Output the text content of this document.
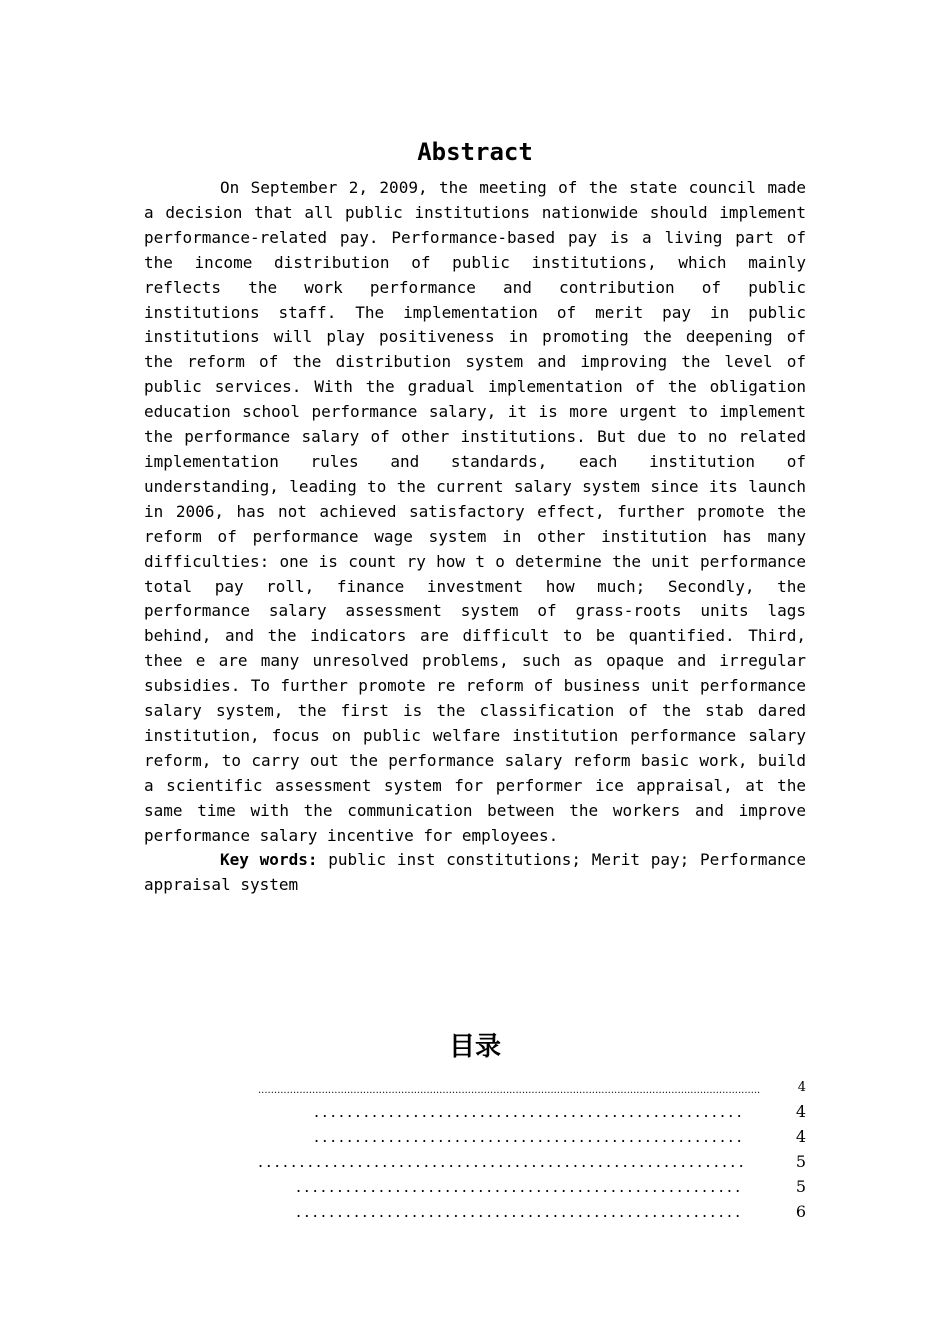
Abstract
On September 2, 2009, the meeting of the state council made a decision that all public institutions nationwide should implement performance-related pay. Performance-based pay is a living part of the income distribution of public institutions, which mainly reflects the work performance and contribution of public institutions staff. The implementation of merit pay in public institutions will play positiveness in promoting the deepening of the reform of the distribution system and improving the level of public services. With the gradual implementation of the obligation education school performance salary, it is more urgent to implement the performance salary of other institutions. But due to no related implementation rules and standards, each institution of understanding, leading to the current salary system since its launch in 2006, has not achieved satisfactory effect, further promote the reform of performance wage system in other institution has many difficulties: one is count ry how t o determine the unit performance total pay roll, finance investment how much; Secondly, the performance salary assessment system of grass-roots units lags behind, and the indicators are difficult to be quantified. Third, thee e are many unresolved problems, such as opaque and irregular subsidies. To further promote re reform of business unit performance salary system, the first is the classification of the stab dared institution, focus on public welfare institution performance salary reform, to carry out the performance salary reform basic work, build a scientific assessment system for performer ice appraisal, at the same time with the communication between the workers and improve performance salary incentive for employees.
Key words: public inst constitutions; Merit pay; Performance appraisal system
目录
..............................................................................................................................................................	4
....................................................	4
....................................................	4
...........................................................	5
......................................................	5
......................................................	6
